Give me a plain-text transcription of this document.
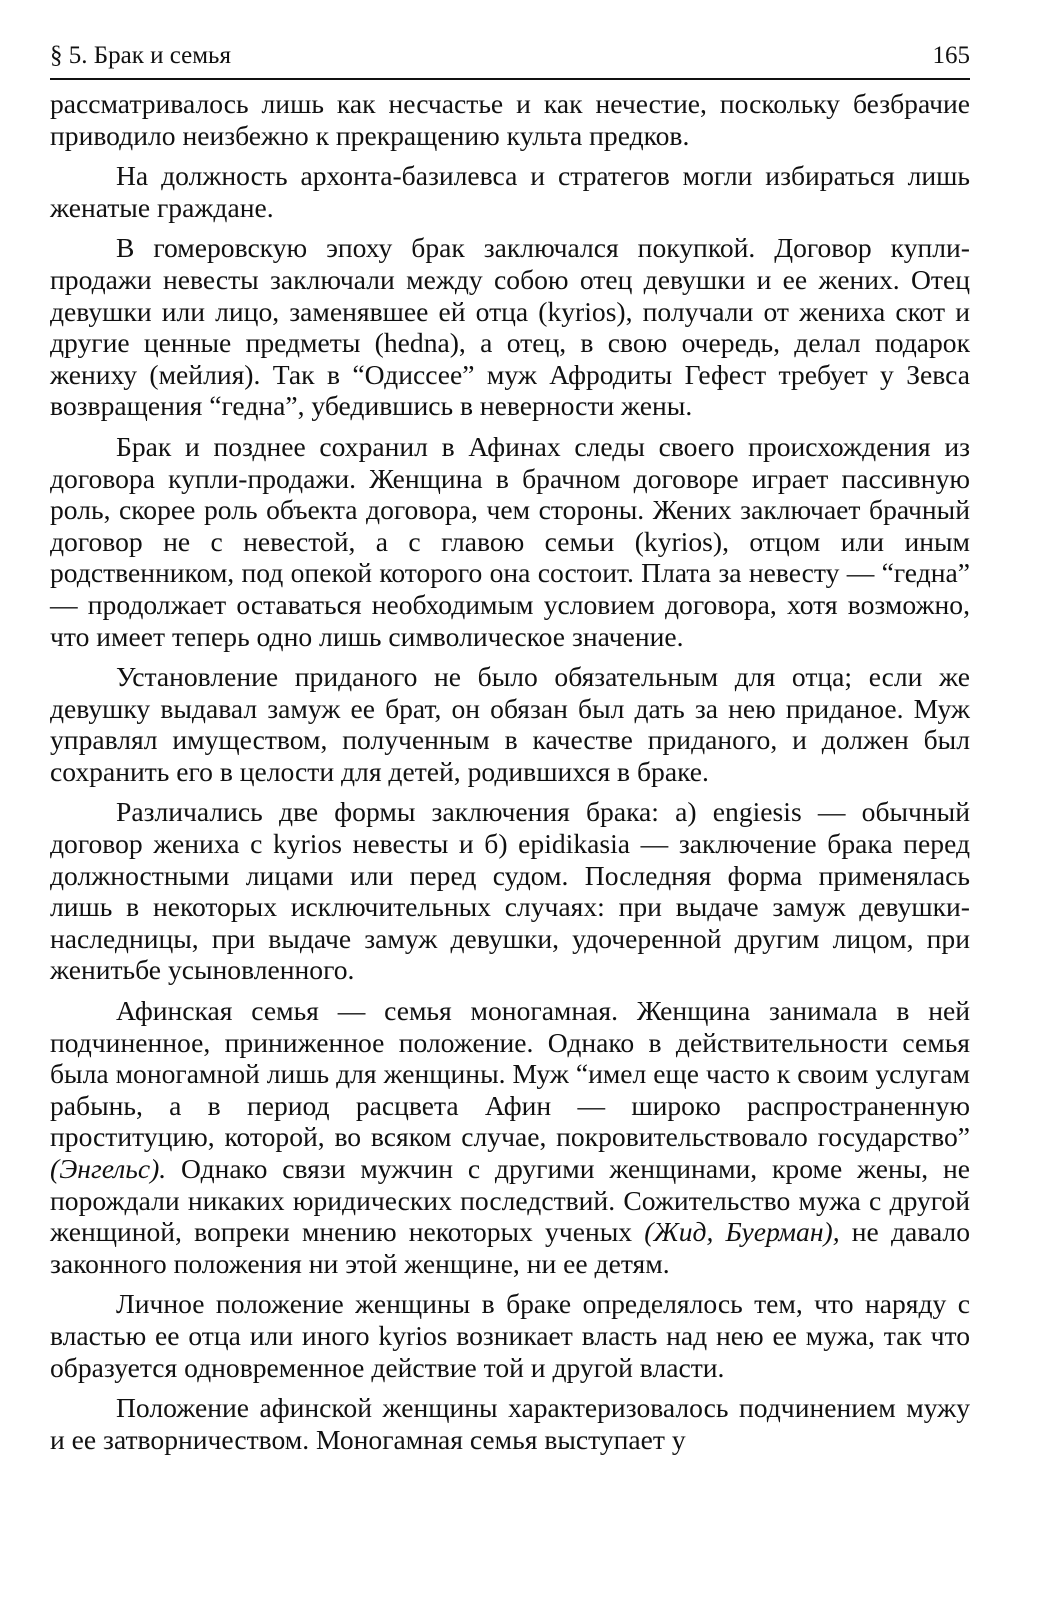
§ 5. Брак и семья	165

рассматривалось лишь как несчастье и как нечестие, поскольку безбрачие приводило неизбежно к прекращению культа предков.

На должность архонта-базилевса и стратегов могли избираться лишь женатые граждане.

В гомеровскую эпоху брак заключался покупкой. Договор купли-продажи невесты заключали между собою отец девушки и ее жених. Отец девушки или лицо, заменявшее ей отца (kyrios), получали от жениха скот и другие ценные предметы (hedna), а отец, в свою очередь, делал подарок жениху (мейлия). Так в “Одиссее” муж Афродиты Гефест требует у Зевса возвращения “гедна”, убедившись в неверности жены.

Брак и позднее сохранил в Афинах следы своего происхождения из договора купли-продажи. Женщина в брачном договоре играет пассивную роль, скорее роль объекта договора, чем стороны. Жених заключает брачный договор не с невестой, а с главою семьи (kyrios), отцом или иным родственником, под опекой которого она состоит. Плата за невесту — “гедна” — продолжает оставаться необходимым условием договора, хотя возможно, что имеет теперь одно лишь символическое значение.

Установление приданого не было обязательным для отца; если же девушку выдавал замуж ее брат, он обязан был дать за нею приданое. Муж управлял имуществом, полученным в качестве приданого, и должен был сохранить его в целости для детей, родившихся в браке.

Различались две формы заключения брака: а) engiesis — обычный договор жениха с kyrios невесты и б) epidikasia — заключение брака перед должностными лицами или перед судом. Последняя форма применялась лишь в некоторых исключительных случаях: при выдаче замуж девушки-наследницы, при выдаче замуж девушки, удочеренной другим лицом, при женитьбе усыновленного.

Афинская семья — семья моногамная. Женщина занимала в ней подчиненное, приниженное положение. Однако в действительности семья была моногамной лишь для женщины. Муж “имел еще часто к своим услугам рабынь, а в период расцвета Афин — широко распространенную проституцию, которой, во всяком случае, покровительствовало государство” (Энгельс). Однако связи мужчин с другими женщинами, кроме жены, не порождали никаких юридических последствий. Сожительство мужа с другой женщиной, вопреки мнению некоторых ученых (Жид, Буерман), не давало законного положения ни этой женщине, ни ее детям.

Личное положение женщины в браке определялось тем, что наряду с властью ее отца или иного kyrios возникает власть над нею ее мужа, так что образуется одновременное действие той и другой власти.

Положение афинской женщины характеризовалось подчинением мужу и ее затворничеством. Моногамная семья выступает у
